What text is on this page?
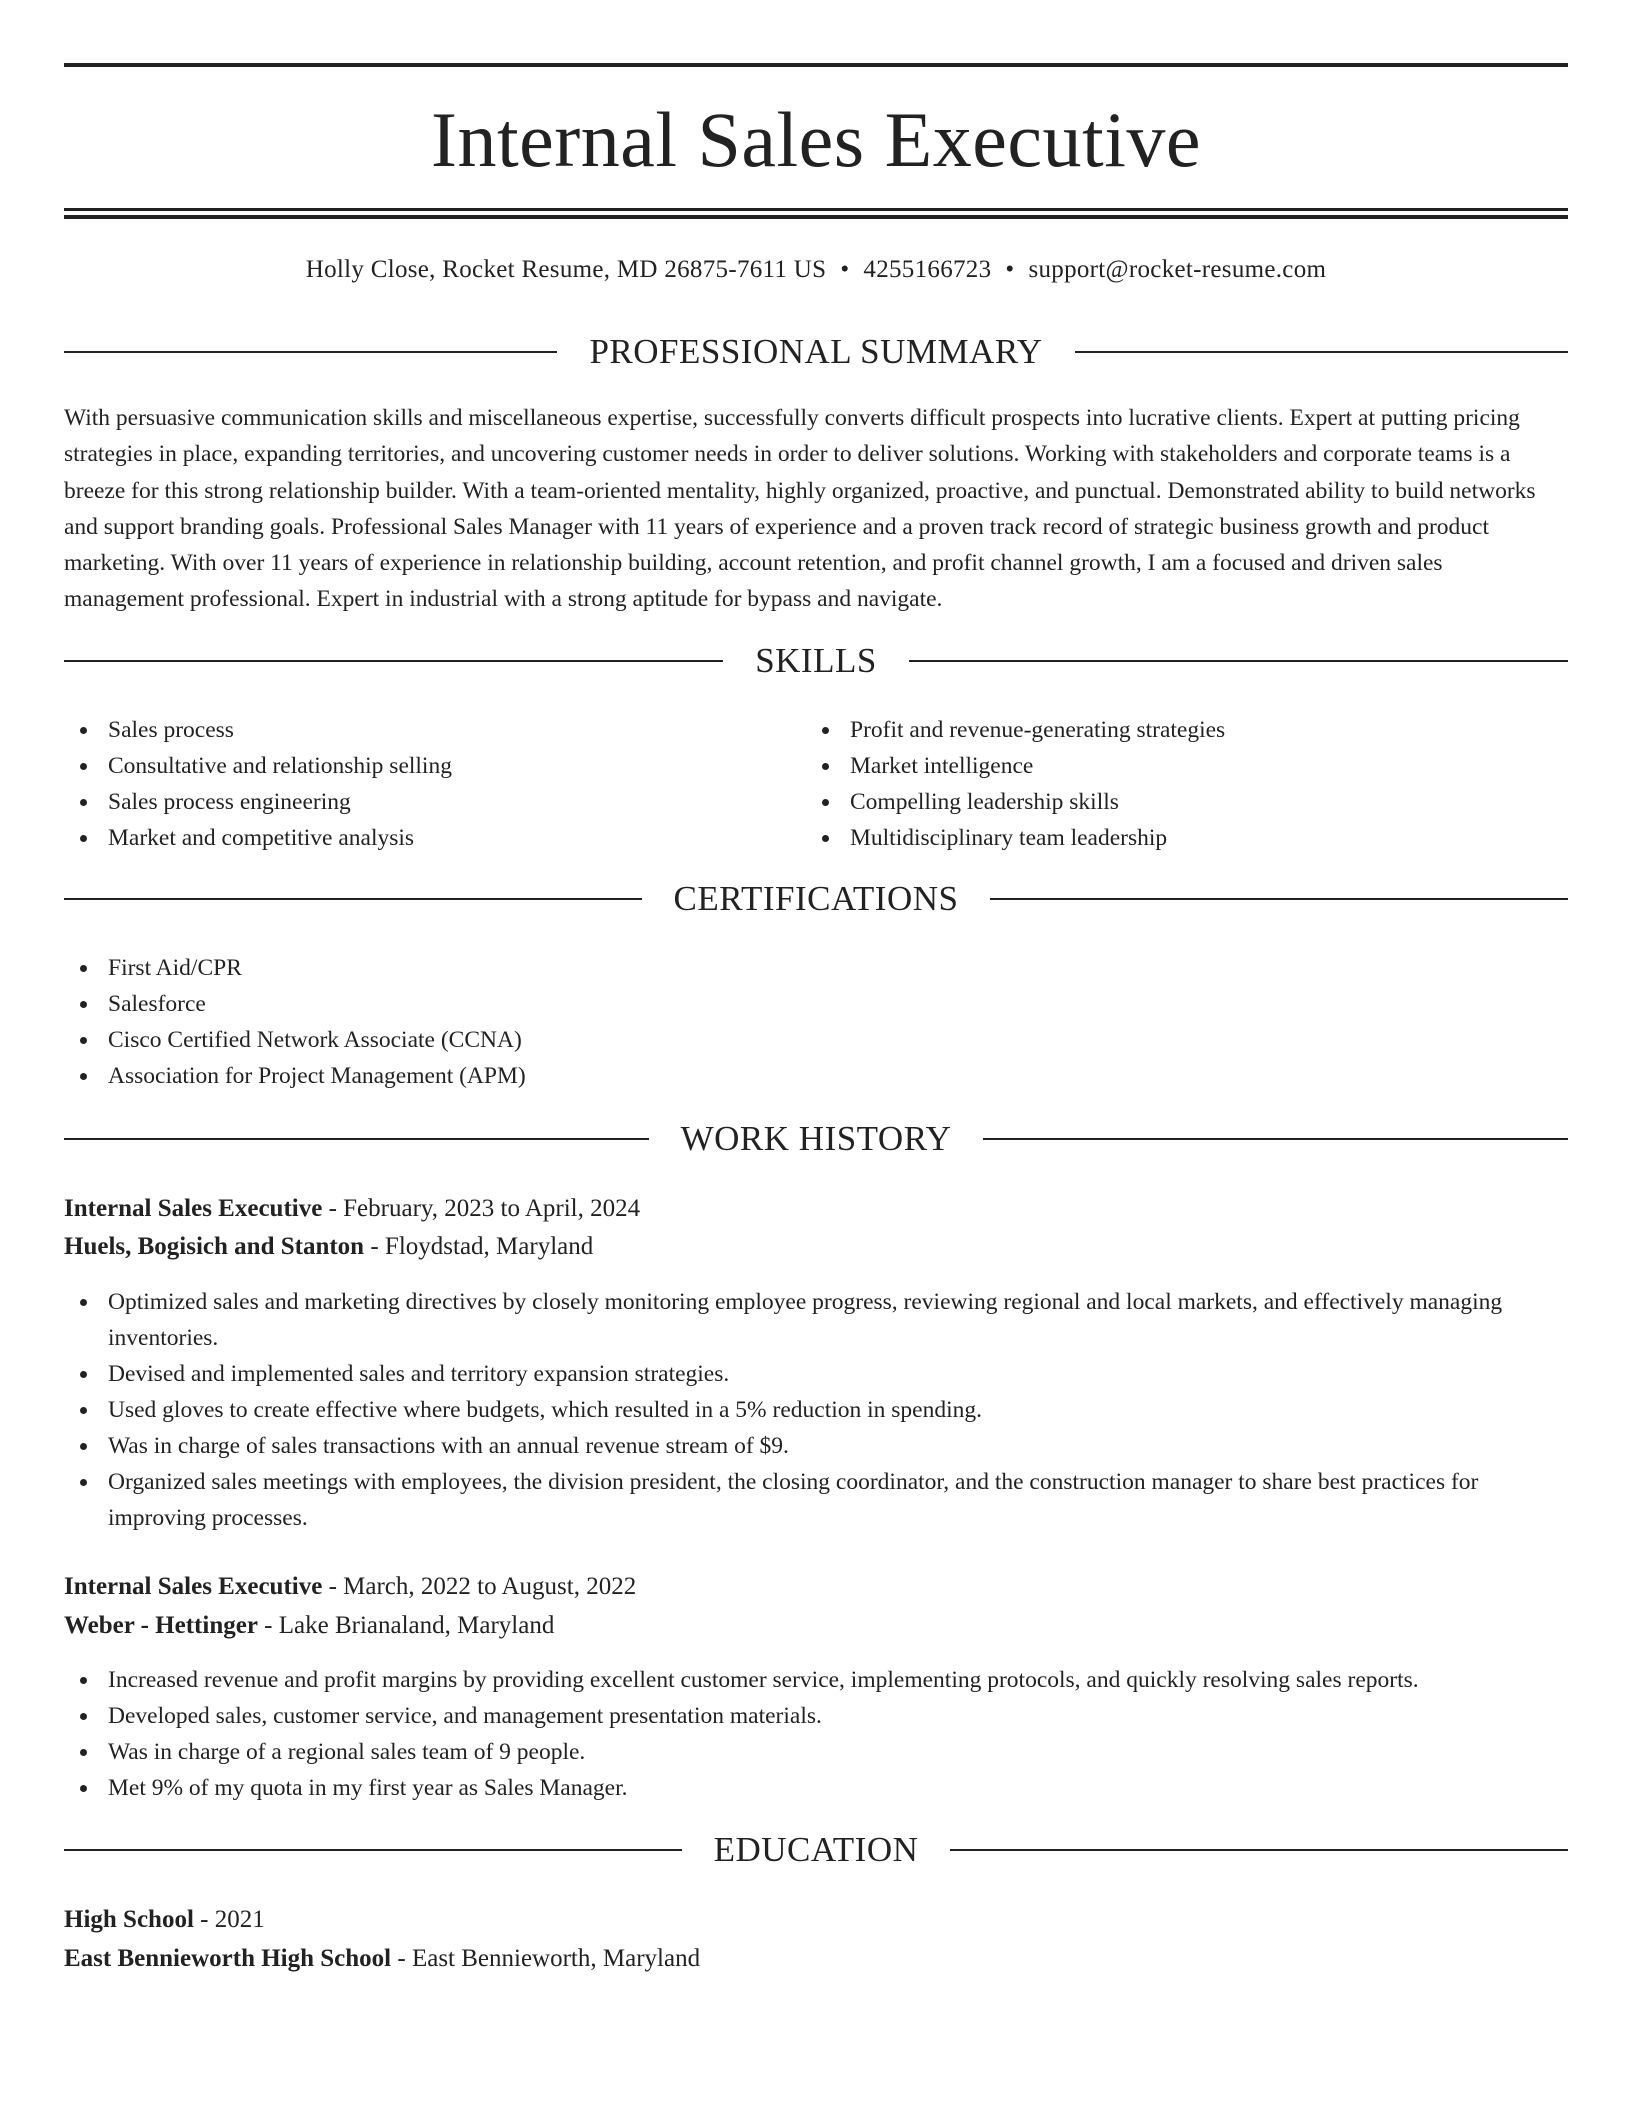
Internal Sales Executive
Holly Close, Rocket Resume, MD 26875-7611 US • 4255166723 • support@rocket-resume.com
PROFESSIONAL SUMMARY

With persuasive communication skills and miscellaneous expertise, successfully converts difficult prospects into lucrative clients. Expert at putting pricing strategies in place, expanding territories, and uncovering customer needs in order to deliver solutions. Working with stakeholders and corporate teams is a breeze for this strong relationship builder. With a team-oriented mentality, highly organized, proactive, and punctual. Demonstrated ability to build networks and support branding goals. Professional Sales Manager with 11 years of experience and a proven track record of strategic business growth and product marketing. With over 11 years of experience in relationship building, account retention, and profit channel growth, I am a focused and driven sales management professional. Expert in industrial with a strong aptitude for bypass and navigate.

SKILLS
Sales process
Consultative and relationship selling
Sales process engineering
Market and competitive analysis
Profit and revenue-generating strategies
Market intelligence
Compelling leadership skills
Multidisciplinary team leadership
CERTIFICATIONS
First Aid/CPR
Salesforce
Cisco Certified Network Associate (CCNA)
Association for Project Management (APM)
WORK HISTORY
Internal Sales Executive - February, 2023 to April, 2024
Huels, Bogisich and Stanton - Floydstad, Maryland
Optimized sales and marketing directives by closely monitoring employee progress, reviewing regional and local markets, and effectively managing inventories.
Devised and implemented sales and territory expansion strategies.
Used gloves to create effective where budgets, which resulted in a 5% reduction in spending.
Was in charge of sales transactions with an annual revenue stream of $9.
Organized sales meetings with employees, the division president, the closing coordinator, and the construction manager to share best practices for improving processes.
Internal Sales Executive - March, 2022 to August, 2022
Weber - Hettinger - Lake Brianaland, Maryland
Increased revenue and profit margins by providing excellent customer service, implementing protocols, and quickly resolving sales reports.
Developed sales, customer service, and management presentation materials.
Was in charge of a regional sales team of 9 people.
Met 9% of my quota in my first year as Sales Manager.
EDUCATION
High School - 2021
East Bennieworth High School - East Bennieworth, Maryland
